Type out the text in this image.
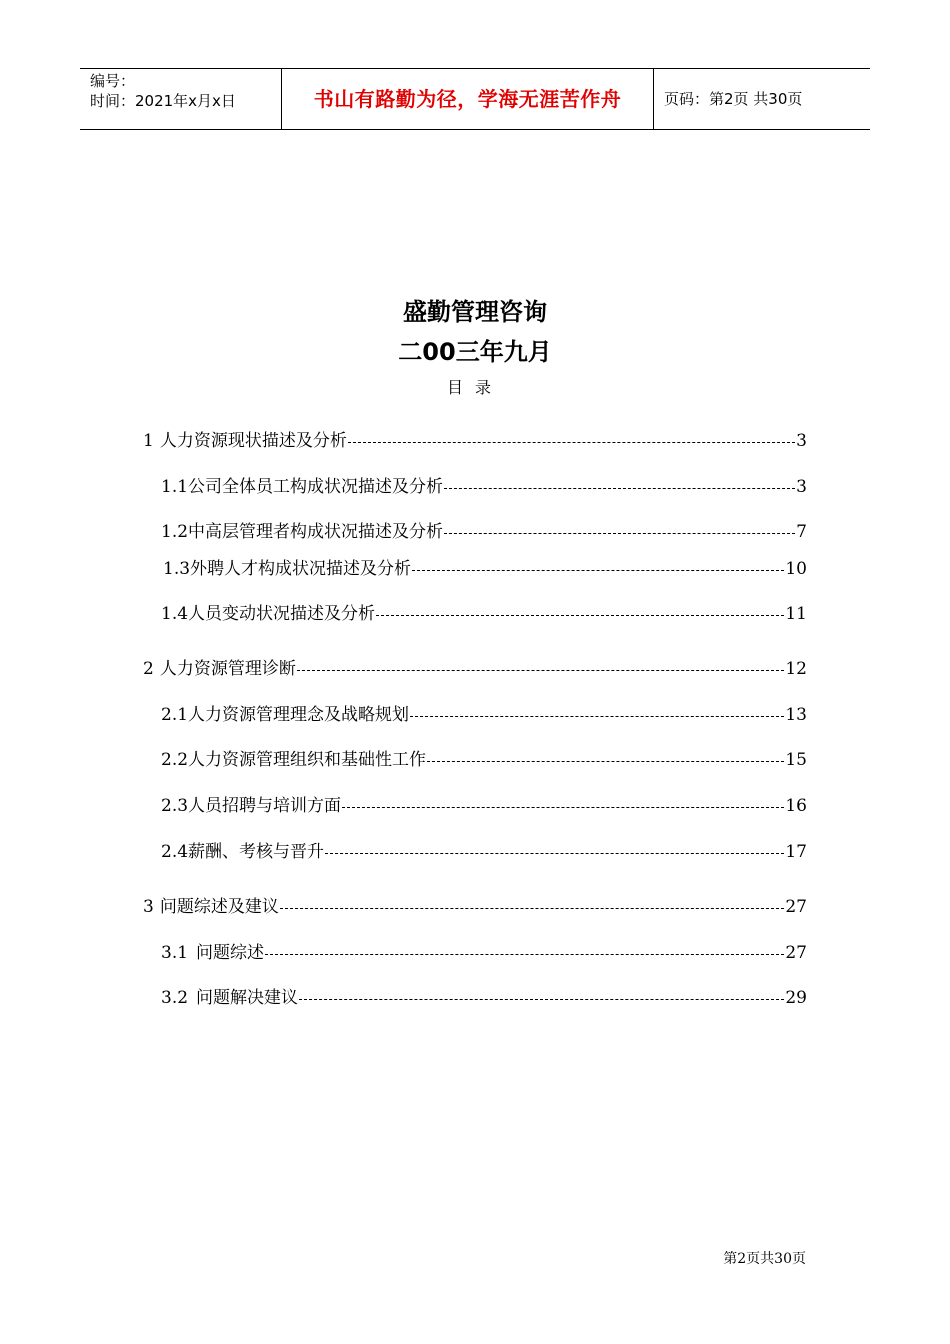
编号：
时间：2021年x月x日	书山有路勤为径，学海无涯苦作舟	页码：第2页 共30页
盛勤管理咨询
二00三年九月
目录
1 人力资源现状描述及分析	3
1.1 公司全体员工构成状况描述及分析	3
1.2 中高层管理者构成状况描述及分析	7
1.3 外聘人才构成状况描述及分析	10
1.4 人员变动状况描述及分析	11
2 人力资源管理诊断	12
2.1 人力资源管理理念及战略规划	13
2.2 人力资源管理组织和基础性工作	15
2.3 人员招聘与培训方面	16
2.4 薪酬、考核与晋升	17
3 问题综述及建议	27
3.1 问题综述	27
3.2 问题解决建议	29
第2页共30页
